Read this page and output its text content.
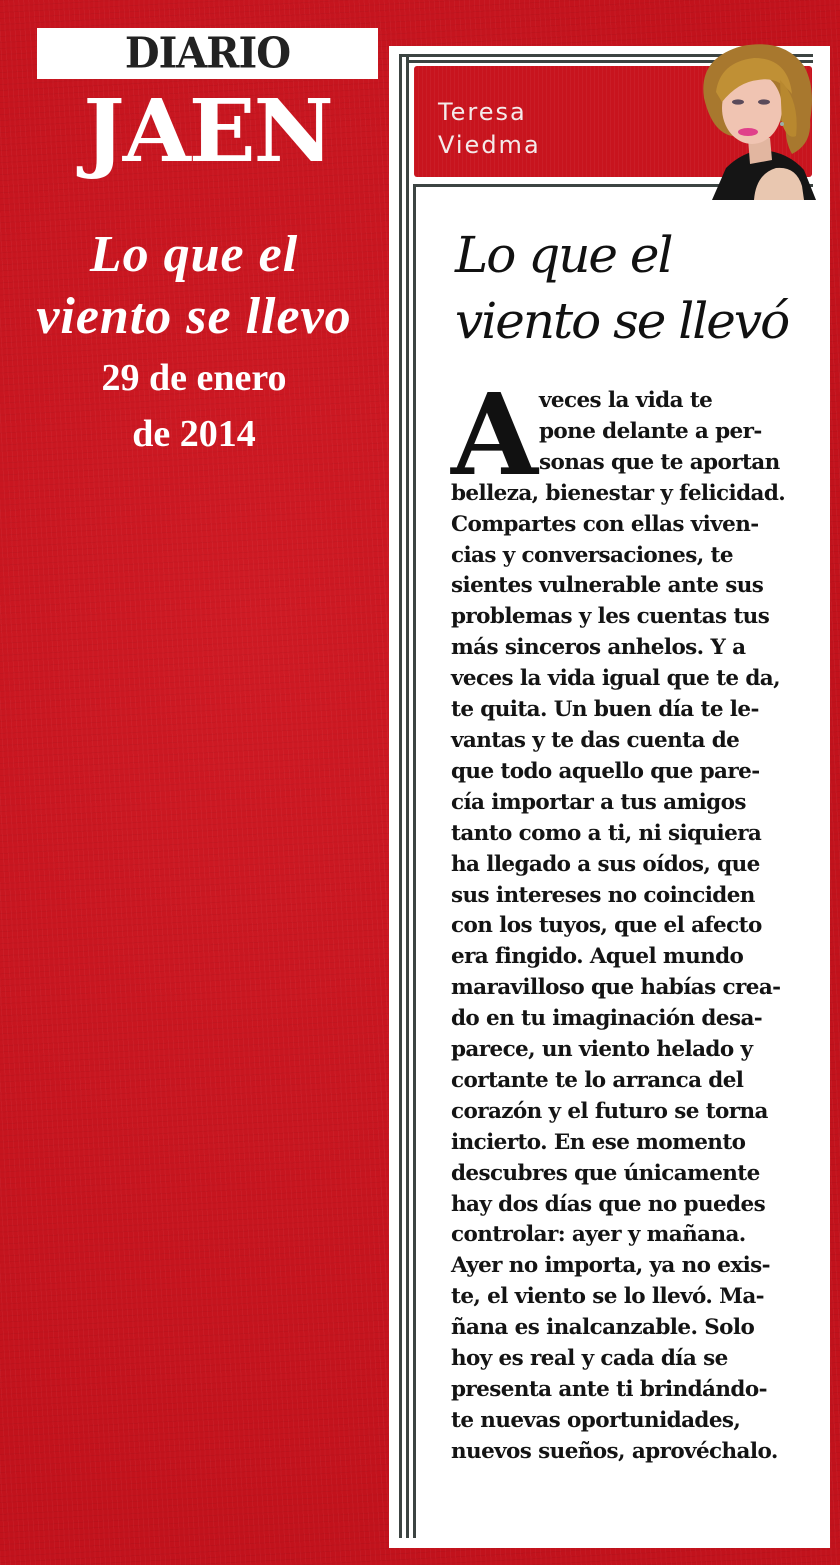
DIARIO
JAEN
Lo que el
viento se llevo
29 de enero
de 2014
Teresa
Viedma
Lo que el
viento se llevó
A veces la vida te
pone delante a per-
sonas que te aportan
belleza, bienestar y felicidad.
Compartes con ellas viven-
cias y conversaciones, te
sientes vulnerable ante sus
problemas y les cuentas tus
más sinceros anhelos. Y a
veces la vida igual que te da,
te quita. Un buen día te le-
vantas y te das cuenta de
que todo aquello que pare-
cía importar a tus amigos
tanto como a ti, ni siquiera
ha llegado a sus oídos, que
sus intereses no coinciden
con los tuyos, que el afecto
era fingido. Aquel mundo
maravilloso que habías crea-
do en tu imaginación desa-
parece, un viento helado y
cortante te lo arranca del
corazón y el futuro se torna
incierto. En ese momento
descubres que únicamente
hay dos días que no puedes
controlar: ayer y mañana.
Ayer no importa, ya no exis-
te, el viento se lo llevó. Ma-
ñana es inalcanzable. Solo
hoy es real y cada día se
presenta ante ti brindándo-
te nuevas oportunidades,
nuevos sueños, aprovéchalo.
